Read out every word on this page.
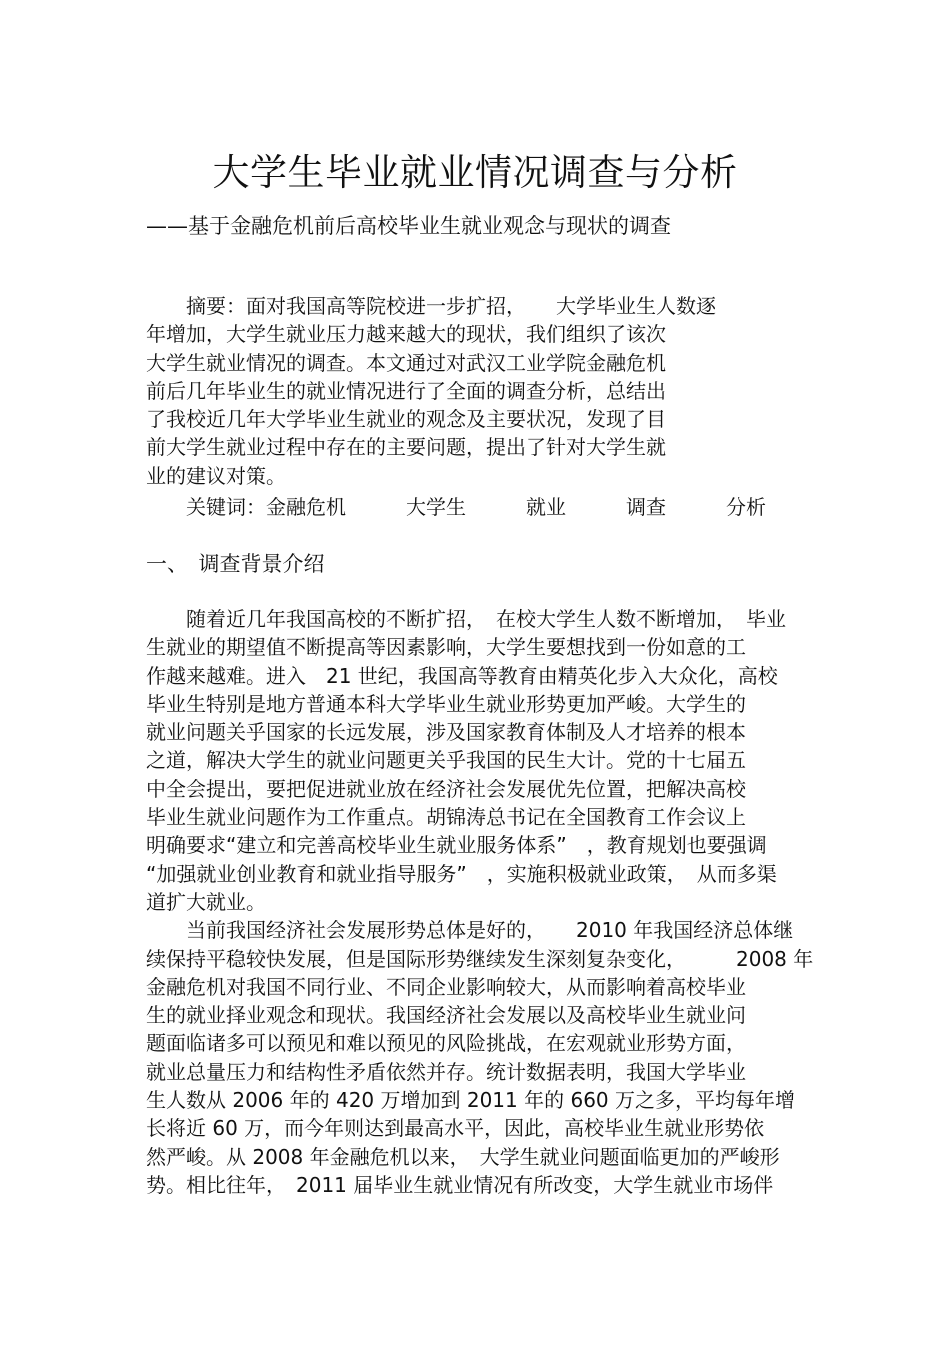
大学生毕业就业情况调查与分析
——基于金融危机前后高校毕业生就业观念与现状的调查
摘要：面对我国高等院校进一步扩招，　　大学毕业生人数逐
年增加，大学生就业压力越来越大的现状，我们组织了该次
大学生就业情况的调查。本文通过对武汉工业学院金融危机
前后几年毕业生的就业情况进行了全面的调查分析，总结出
了我校近几年大学毕业生就业的观念及主要状况，发现了目
前大学生就业过程中存在的主要问题，提出了针对大学生就
业的建议对策。
关键词：金融危机　　　大学生　　　就业　　　调查　　　分析
一、　调查背景介绍
随着近几年我国高校的不断扩招，　在校大学生人数不断增加，　毕业
生就业的期望值不断提高等因素影响，大学生要想找到一份如意的工
作越来越难。进入　21 世纪，我国高等教育由精英化步入大众化，高校
毕业生特别是地方普通本科大学毕业生就业形势更加严峻。大学生的
就业问题关乎国家的长远发展，涉及国家教育体制及人才培养的根本
之道，解决大学生的就业问题更关乎我国的民生大计。党的十七届五
中全会提出，要把促进就业放在经济社会发展优先位置，把解决高校
毕业生就业问题作为工作重点。胡锦涛总书记在全国教育工作会议上
明确要求“建立和完善高校毕业生就业服务体系”　，教育规划也要强调
“加强就业创业教育和就业指导服务”　，实施积极就业政策，　从而多渠
道扩大就业。
当前我国经济社会发展形势总体是好的，　　2010 年我国经济总体继
续保持平稳较快发展，但是国际形势继续发生深刻复杂变化，　　　2008 年
金融危机对我国不同行业、不同企业影响较大，从而影响着高校毕业
生的就业择业观念和现状。我国经济社会发展以及高校毕业生就业问
题面临诸多可以预见和难以预见的风险挑战，在宏观就业形势方面，
就业总量压力和结构性矛盾依然并存。统计数据表明，我国大学毕业
生人数从 2006 年的 420 万增加到 2011 年的 660 万之多，平均每年增
长将近 60 万，而今年则达到最高水平，因此，高校毕业生就业形势依
然严峻。从 2008 年金融危机以来，　大学生就业问题面临更加的严峻形
势。相比往年，　2011 届毕业生就业情况有所改变，大学生就业市场伴
